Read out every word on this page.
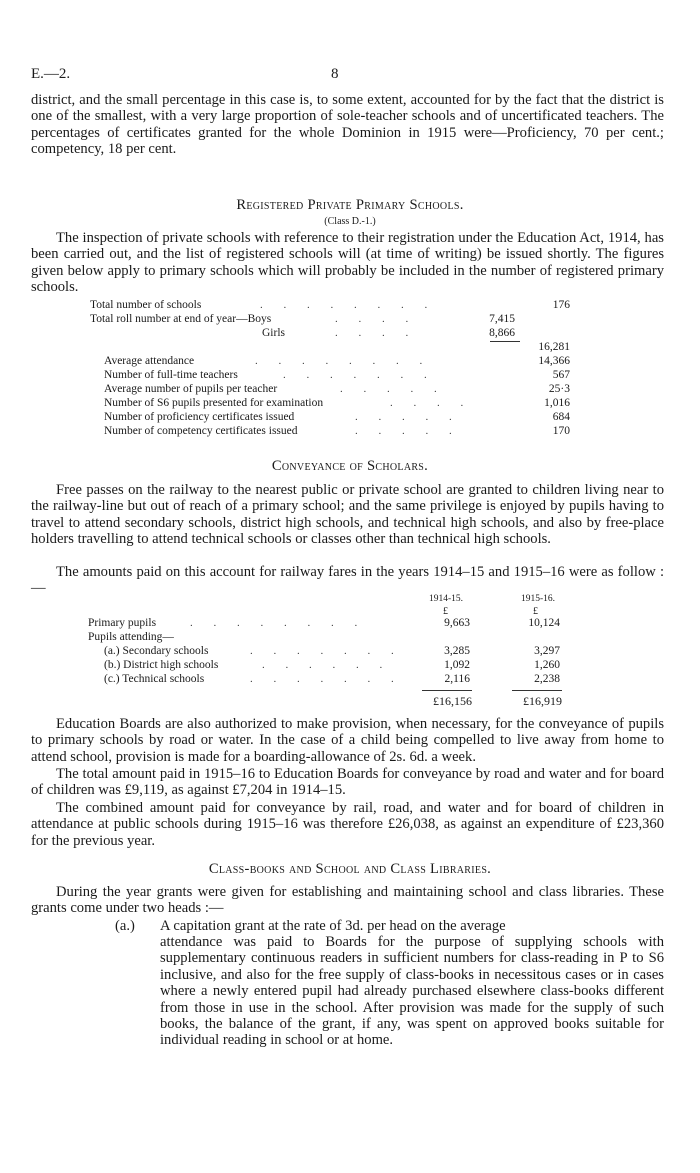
E.—2.	8

district, and the small percentage in this case is, to some extent, accounted for by the fact that the district is one of the smallest, with a very large proportion of sole-teacher schools and of uncertificated teachers. The percentages of certificates granted for the whole Dominion in 1915 were—Proficiency, 70 per cent.; competency, 18 per cent.

Registered Private Primary Schools.

(Class D.-1.)

The inspection of private schools with reference to their registration under the Education Act, 1914, has been carried out, and the list of registered schools will (at time of writing) be issued shortly. The figures given below apply to primary schools which will probably be included in the number of registered primary schools.

Total number of schools	. . . . . . . .	176
Total roll number at end of year—Boys	. . . .	7,415
Girls	. . . .	8,866
16,281
Average attendance	. . . . . . . .	14,366
Number of full-time teachers	. . . . . . .	567
Average number of pupils per teacher	. . . . .	25·3
Number of S6 pupils presented for examination	. . . .	1,016
Number of proficiency certificates issued	. . . . .	684
Number of competency certificates issued	. . . . .	170

Conveyance of Scholars.

Free passes on the railway to the nearest public or private school are granted to children living near to the railway-line but out of reach of a primary school; and the same privilege is enjoyed by pupils having to travel to attend secondary schools, district high schools, and technical high schools, and also by free-place holders travelling to attend technical schools or classes other than technical high schools.

The amounts paid on this account for railway fares in the years 1914–15 and 1915–16 were as follow :—

1914-15.	1915-16.
£	£
Primary pupils	. . . . . . . .	9,663	10,124
Pupils attending—
(a.) Secondary schools	. . . . . . .	3,285	3,297
(b.) District high schools	. . . . . .	1,092	1,260
(c.) Technical schools	. . . . . . .	2,116	2,238
£16,156	£16,919

Education Boards are also authorized to make provision, when necessary, for the conveyance of pupils to primary schools by road or water. In the case of a child being compelled to live away from home to attend school, provision is made for a boarding-allowance of 2s. 6d. a week.

The total amount paid in 1915–16 to Education Boards for conveyance by road and water and for board of children was £9,119, as against £7,204 in 1914–15.

The combined amount paid for conveyance by rail, road, and water and for board of children in attendance at public schools during 1915–16 was therefore £26,038, as against an expenditure of £23,360 for the previous year.

Class-books and School and Class Libraries.

During the year grants were given for establishing and maintaining school and class libraries. These grants come under two heads :—

(a.) A capitation grant at the rate of 3d. per head on the average

attendance was paid to Boards for the purpose of supplying schools with supplementary continuous readers in sufficient numbers for class-reading in P to S6 inclusive, and also for the free supply of class-books in necessitous cases or in cases where a newly entered pupil had already purchased elsewhere class-books different from those in use in the school. After provision was made for the supply of such books, the balance of the grant, if any, was spent on approved books suitable for individual reading in school or at home.
